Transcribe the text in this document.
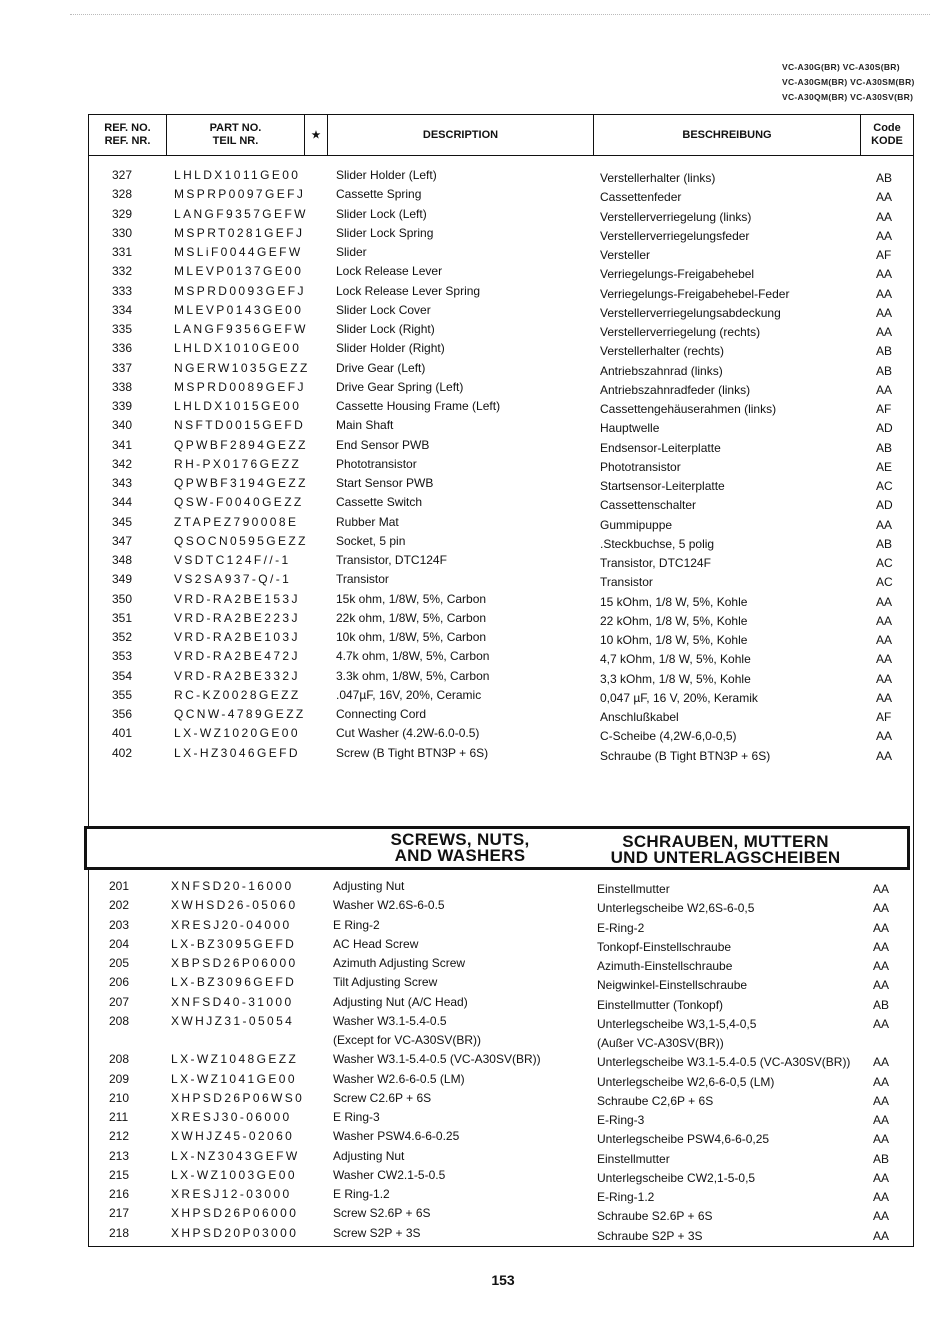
VC-A30G(BR) VC-A30S(BR)
VC-A30GM(BR) VC-A30SM(BR)
VC-A30QM(BR) VC-A30SV(BR)
REF. NO.
REF. NR.
PART NO.
TEIL NR.	★	DESCRIPTION	BESCHREIBUNG
Code
KODE
327	LHLDX1011GE00	Slider Holder (Left)	Verstellerhalter (links)	AB
328	MSPRP0097GEFJ	Cassette Spring	Cassettenfeder	AA
329	LANGF9357GEFW Slider Lock (Left)	Verstellerverriegelung (links)	AA
330	MSPRT0281GEFJ	Slider Lock Spring	Verstellerverriegelungsfeder	AA
331	MSLiF0044GEFW	Slider	Versteller	AF
332	MLEVP0137GE00	Lock Release Lever	Verriegelungs-Freigabehebel	AA
333	MSPRD0093GEFJ	Lock Release Lever Spring	Verriegelungs-Freigabehebel-Feder	AA
334	MLEVP0143GE00	Slider Lock Cover	Verstellerverriegelungsabdeckung	AA
335	LANGF9356GEFW Slider Lock (Right)	Verstellerverriegelung (rechts)	AA
336	LHLDX1010GE00	Slider Holder (Right)	Verstellerhalter (rechts)	AB
337	NGERW1035GEZZ Drive Gear (Left)	Antriebszahnrad (links)	AB
338	MSPRD0089GEFJ	Drive Gear Spring (Left)	Antriebszahnradfeder (links)	AA
339	LHLDX1015GE00	Cassette Housing Frame (Left)	Cassettengehäuserahmen (links)	AF
340	NSFTD0015GEFD	Main Shaft	Hauptwelle	AD
341	QPWBF2894GEZZ End Sensor PWB	Endsensor-Leiterplatte	AB
342	RH-PX0176GEZZ	Phototransistor	Phototransistor	AE
343	QPWBF3194GEZZ Start Sensor PWB	Startsensor-Leiterplatte	AC
344	QSW-F0040GEZZ	Cassette Switch	Cassettenschalter	AD
345	ZTAPEZ790008E	Rubber Mat	Gummipuppe	AA
347	QSOCN0595GEZZ Socket, 5 pin	.Steckbuchse, 5 polig	AB
348	VSDTC124F//-1	Transistor, DTC124F	Transistor, DTC124F	AC
349	VS2SA937-Q/-1	Transistor	Transistor	AC
350	VRD-RA2BE153J	15k ohm, 1/8W, 5%, Carbon	15 kOhm, 1/8 W, 5%, Kohle	AA
351	VRD-RA2BE223J	22k ohm, 1/8W, 5%, Carbon	22 kOhm, 1/8 W, 5%, Kohle	AA
352	VRD-RA2BE103J	10k ohm, 1/8W, 5%, Carbon	10 kOhm, 1/8 W, 5%, Kohle	AA
353	VRD-RA2BE472J	4.7k ohm, 1/8W, 5%, Carbon	4,7 kOhm, 1/8 W, 5%, Kohle	AA
354	VRD-RA2BE332J	3.3k ohm, 1/8W, 5%, Carbon	3,3 kOhm, 1/8 W, 5%, Kohle	AA
355	RC-KZ0028GEZZ	.047µF, 16V, 20%, Ceramic	0,047 µF, 16 V, 20%, Keramik	AA
356	QCNW-4789GEZZ	Connecting Cord	Anschlußkabel	AF
401	LX-WZ1020GE00	Cut Washer (4.2W-6.0-0.5)	C-Scheibe (4,2W-6,0-0,5)	AA
402	LX-HZ3046GEFD	Screw (B Tight BTN3P + 6S)	Schraube (B Tight BTN3P + 6S)	AA
SCREWS, NUTS,
AND WASHERS
SCHRAUBEN, MUTTERN
UND UNTERLAGSCHEIBEN
201	XNFSD20-16000	Adjusting Nut	Einstellmutter	AA
202	XWHSD26-05060	Washer W2.6S-6-0.5	Unterlegscheibe W2,6S-6-0,5	AA
203	XRESJ20-04000	E Ring-2	E-Ring-2	AA
204	LX-BZ3095GEFD	AC Head Screw	Tonkopf-Einstellschraube	AA
205	XBPSD26P06000	Azimuth Adjusting Screw	Azimuth-Einstellschraube	AA
206	LX-BZ3096GEFD	Tilt Adjusting Screw	Neigwinkel-Einstellschraube	AA
207	XNFSD40-31000	Adjusting Nut (A/C Head)	Einstellmutter (Tonkopf)	AB
208	XWHJZ31-05054	Washer W3.1-5.4-0.5	Unterlegscheibe W3,1-5,4-0,5	AA
(Except for VC-A30SV(BR))	(Außer VC-A30SV(BR))
208	LX-WZ1048GEZZ	Washer W3.1-5.4-0.5 (VC-A30SV(BR))	Unterlegscheibe W3.1-5.4-0.5 (VC-A30SV(BR)) AA
209	LX-WZ1041GE00	Washer W2.6-6-0.5 (LM)	Unterlegscheibe W2,6-6-0,5 (LM)	AA
210	XHPSD26P06WS0 Screw C2.6P + 6S	Schraube C2,6P + 6S	AA
211	XRESJ30-06000	E Ring-3	E-Ring-3	AA
212	XWHJZ45-02060	Washer PSW4.6-6-0.25	Unterlegscheibe PSW4,6-6-0,25	AA
213	LX-NZ3043GEFW	Adjusting Nut	Einstellmutter	AB
215	LX-WZ1003GE00	Washer CW2.1-5-0.5	Unterlegscheibe CW2,1-5-0,5	AA
216	XRESJ12-03000	E Ring-1.2	E-Ring-1.2	AA
217	XHPSD26P06000	Screw S2.6P + 6S	Schraube S2.6P + 6S	AA
218	XHPSD20P03000	Screw S2P + 3S	Schraube S2P + 3S	AA
153
